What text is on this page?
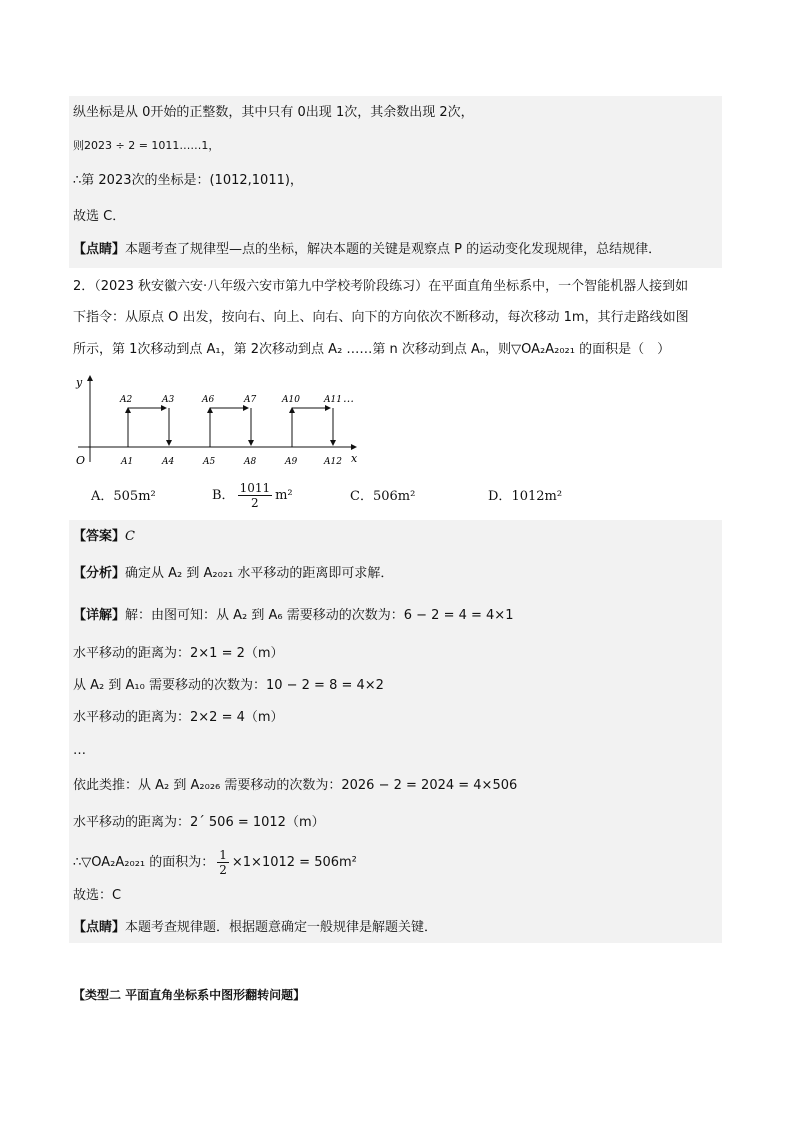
纵坐标是从 0开始的正整数，其中只有 0出现 1次，其余数出现 2次，
则2023 ÷ 2 = 1011……1，
∴第 2023次的坐标是：(1012,1011)，
故选 C．
【点睛】本题考查了规律型—点的坐标，解决本题的关键是观察点 P 的运动变化发现规律，总结规律．
2．（2023 秋安徽六安·八年级六安市第九中学校考阶段练习）在平面直角坐标系中，一个智能机器人接到如
下指令：从原点 O 出发，按向右、向上、向右、向下的方向依次不断移动，每次移动 1m，其行走路线如图
所示，第 1次移动到点 A₁，第 2次移动到点 A₂ ……第 n 次移动到点 Aₙ，则▽OA₂A₂₀₂₁ 的面积是（　）
y
x
O
…
A2	A3	A6	A7	A10	A11
A1	A4	A5	A8	A9	A12
A．505m²	B． $\frac{1011}{2} m^2$	C．506m²	D．1012m²
【答案】C
【分析】确定从 A₂ 到 A₂₀₂₁ 水平移动的距离即可求解．
【详解】解：由图可知：从 A₂ 到 A₆ 需要移动的次数为：6 − 2 = 4 = 4×1
水平移动的距离为：2×1 = 2（m）
从 A₂ 到 A₁₀ 需要移动的次数为：10 − 2 = 8 = 4×2
水平移动的距离为：2×2 = 4（m）
…
依此类推：从 A₂ 到 A₂₀₂₆ 需要移动的次数为：2026 − 2 = 2024 = 4×506
水平移动的距离为：2´ 506 = 1012（m）
∴▽OA₂A₂₀₂₁ 的面积为： $\frac{1}{2} \times 1\times 1012 = 506m^2$
故选：C
【点睛】本题考查规律题．根据题意确定一般规律是解题关键．
【类型二 平面直角坐标系中图形翻转问题】
